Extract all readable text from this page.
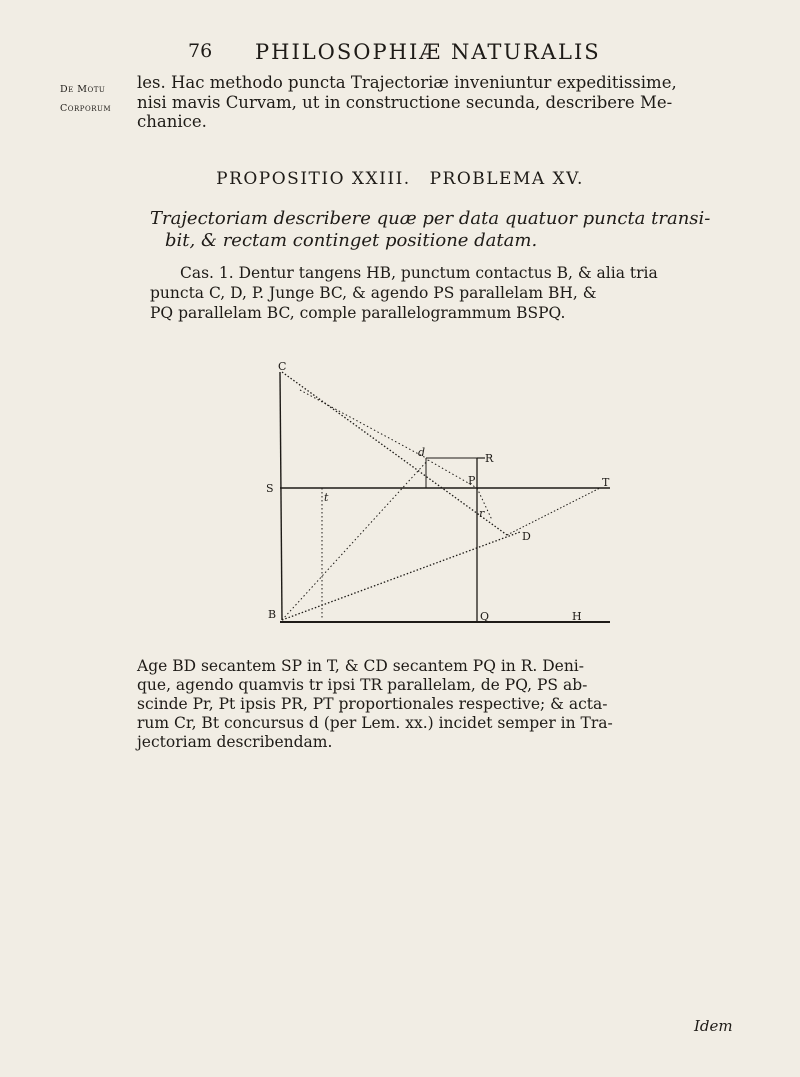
76 PHILOSOPHIÆ NATURALIS
De Motu
Corporum
les. Hac methodo puncta Trajectoriæ inveniuntur expeditissime,
nisi mavis Curvam, ut in constructione secunda, describere Me-
chanice.
PROPOSITIO XXIII. PROBLEMA XV.
Trajectoriam describere quæ per data quatuor puncta transi-
bit, & rectam continget positione datam.
Cas. 1. Dentur tangens HB, punctum contactus B, & alia tria
puncta C, D, P. Junge BC, & agendo PS parallelam BH, &
PQ parallelam BC, comple parallelogrammum BSPQ.
C
d	R
S
P	T
t
r
D
B	Q	H
Age BD secantem SP in T, & CD secantem PQ in R. Deni-
que, agendo quamvis tr ipsi TR parallelam, de PQ, PS ab-
scinde Pr, Pt ipsis PR, PT proportionales respective; & acta-
rum Cr, Bt concursus d (per Lem. xx.) incidet semper in Tra-
jectoriam describendam.
Idem
